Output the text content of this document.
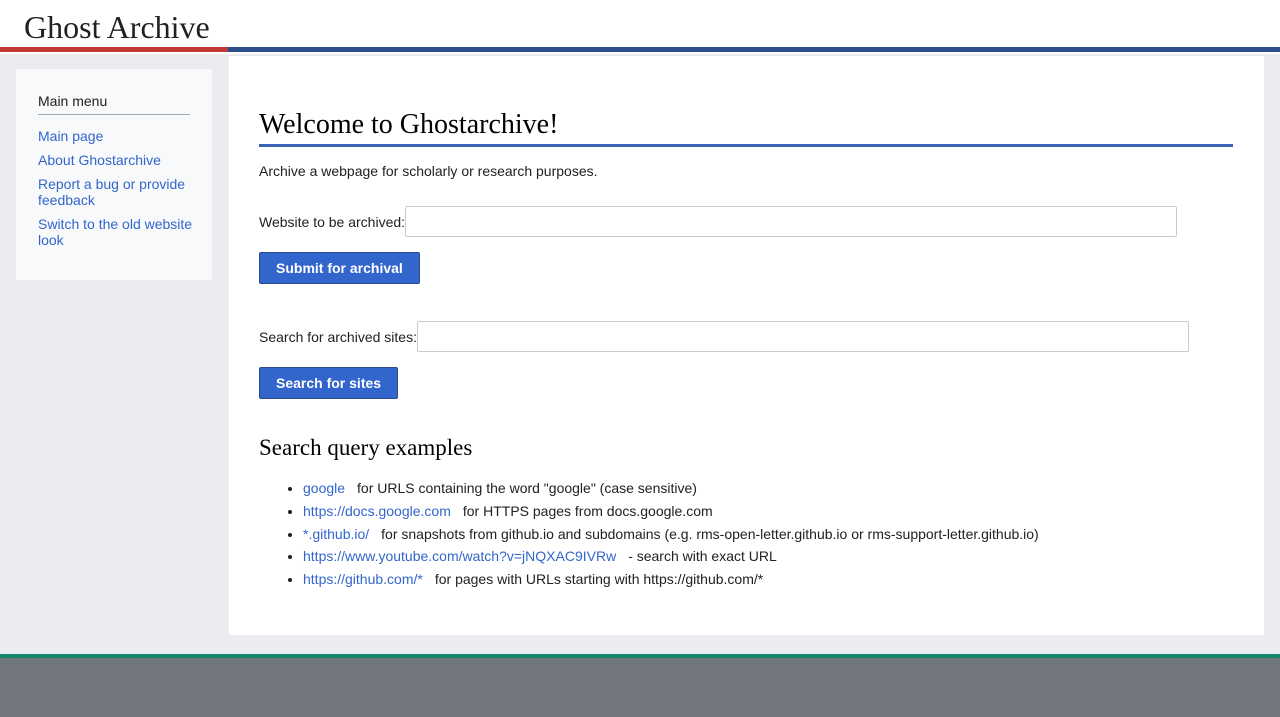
Ghost Archive
Main menu
Main page
About Ghostarchive
Report a bug or provide feedback
Switch to the old website look
Welcome to Ghostarchive!
Archive a webpage for scholarly or research purposes.
Website to be archived:
Submit for archival
Search for archived sites:
Search for sites
Search query examples
• google for URLS containing the word "google" (case sensitive)
• https://docs.google.com for HTTPS pages from docs.google.com
• *.github.io/ for snapshots from github.io and subdomains (e.g. rms-open-letter.github.io or rms-support-letter.github.io)
• https://www.youtube.com/watch?v=jNQXAC9IVRw - search with exact URL
• https://github.com/* for pages with URLs starting with https://github.com/*
